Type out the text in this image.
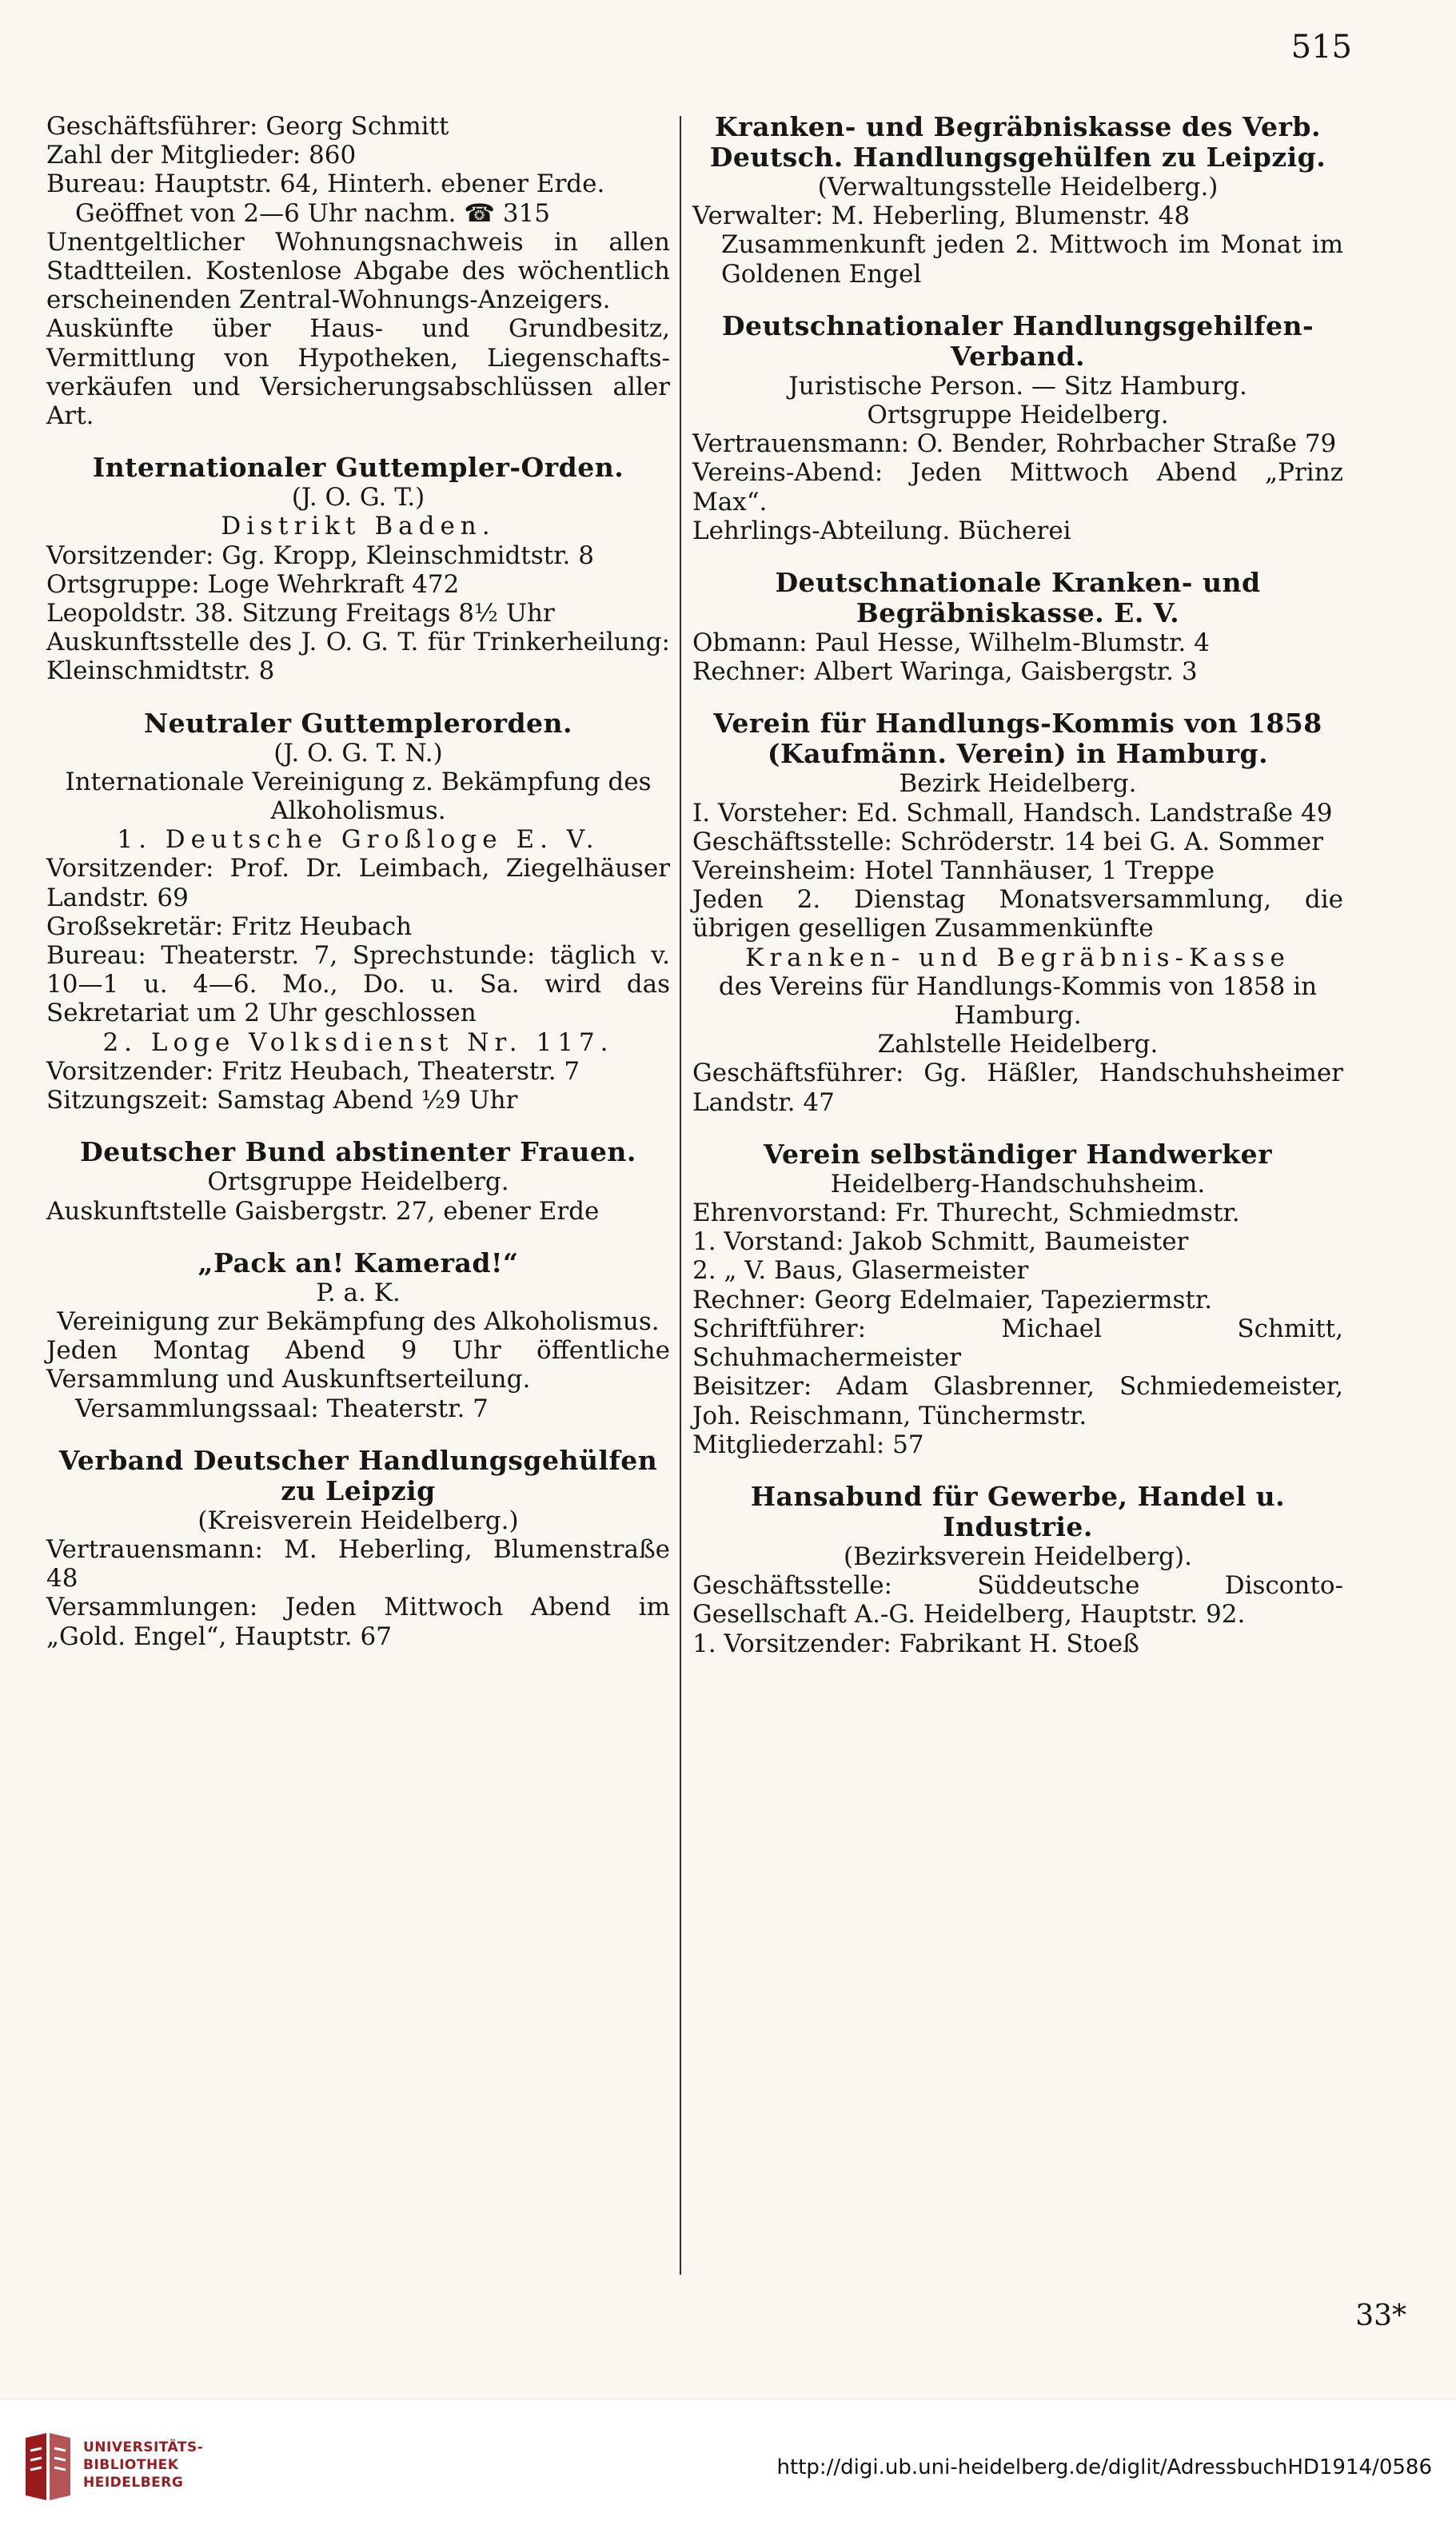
515

Geschäftsführer: Georg Schmitt

Zahl der Mitglieder: 860

Bureau: Hauptstr. 64, Hinterh. ebener Erde.

Geöffnet von 2—6 Uhr nachm. ☎ 315

Unentgeltlicher Wohnungsnachweis in allen Stadtteilen. Kostenlose Abgabe des wöchentlich erscheinenden Zentral-Wohnungs-Anzeigers.

Auskünfte über Haus- und Grundbesitz, Vermittlung von Hypotheken, Liegenschafts-verkäufen und Versicherungsabschlüssen aller Art.

Internationaler Guttempler-Orden.

(J. O. G. T.)

Distrikt Baden.

Vorsitzender: Gg. Kropp, Kleinschmidtstr. 8

Ortsgruppe: Loge Wehrkraft 472

Leopoldstr. 38. Sitzung Freitags 8½ Uhr

Auskunftsstelle des J. O. G. T. für Trinkerheilung: Kleinschmidtstr. 8

Neutraler Guttemplerorden.

(J. O. G. T. N.)

Internationale Vereinigung z. Bekämpfung des Alkoholismus.

1. Deutsche Großloge E. V.

Vorsitzender: Prof. Dr. Leimbach, Ziegelhäuser Landstr. 69

Großsekretär: Fritz Heubach

Bureau: Theaterstr. 7, Sprechstunde: täglich v. 10—1 u. 4—6. Mo., Do. u. Sa. wird das Sekretariat um 2 Uhr geschlossen

2. Loge Volksdienst Nr. 117.

Vorsitzender: Fritz Heubach, Theaterstr. 7

Sitzungszeit: Samstag Abend ½9 Uhr

Deutscher Bund abstinenter Frauen.

Ortsgruppe Heidelberg.

Auskunftstelle Gaisbergstr. 27, ebener Erde

„Pack an! Kamerad!“

P. a. K.

Vereinigung zur Bekämpfung des Alkoholismus.

Jeden Montag Abend 9 Uhr öffentliche Versammlung und Auskunftserteilung.

Versammlungssaal: Theaterstr. 7

Verband Deutscher Handlungsgehülfen zu Leipzig

(Kreisverein Heidelberg.)

Vertrauensmann: M. Heberling, Blumenstraße 48

Versammlungen: Jeden Mittwoch Abend im „Gold. Engel“, Hauptstr. 67

Kranken- und Begräbniskasse des Verb. Deutsch. Handlungsgehülfen zu Leipzig.

(Verwaltungsstelle Heidelberg.)

Verwalter: M. Heberling, Blumenstr. 48

Zusammenkunft jeden 2. Mittwoch im Monat im Goldenen Engel

Deutschnationaler Handlungsgehilfen-Verband.

Juristische Person. — Sitz Hamburg.

Ortsgruppe Heidelberg.

Vertrauensmann: O. Bender, Rohrbacher Straße 79

Vereins-Abend: Jeden Mittwoch Abend „Prinz Max“.

Lehrlings-Abteilung. Bücherei

Deutschnationale Kranken- und Begräbniskasse. E. V.

Obmann: Paul Hesse, Wilhelm-Blumstr. 4

Rechner: Albert Waringa, Gaisbergstr. 3

Verein für Handlungs-Kommis von 1858 (Kaufmänn. Verein) in Hamburg.

Bezirk Heidelberg.

I. Vorsteher: Ed. Schmall, Handsch. Landstraße 49

Geschäftsstelle: Schröderstr. 14 bei G. A. Sommer

Vereinsheim: Hotel Tannhäuser, 1 Treppe

Jeden 2. Dienstag Monatsversammlung, die übrigen geselligen Zusammenkünfte

Kranken- und Begräbnis-Kasse

des Vereins für Handlungs-Kommis von 1858 in Hamburg.

Zahlstelle Heidelberg.

Geschäftsführer: Gg. Häßler, Handschuhsheimer Landstr. 47

Verein selbständiger Handwerker

Heidelberg-Handschuhsheim.

Ehrenvorstand: Fr. Thurecht, Schmiedmstr.

1. Vorstand: Jakob Schmitt, Baumeister

2. „ V. Baus, Glasermeister

Rechner: Georg Edelmaier, Tapeziermstr.

Schriftführer: Michael Schmitt, Schuhmachermeister

Beisitzer: Adam Glasbrenner, Schmiedemeister, Joh. Reischmann, Tünchermstr.

Mitgliederzahl: 57

Hansabund für Gewerbe, Handel u. Industrie.

(Bezirksverein Heidelberg).

Geschäftsstelle: Süddeutsche Disconto-Gesellschaft A.-G. Heidelberg, Hauptstr. 92.

1. Vorsitzender: Fabrikant H. Stoeß

33*
UNIVERSITÄTS-
BIBLIOTHEK
HEIDELBERG
http://digi.ub.uni-heidelberg.de/diglit/AdressbuchHD1914/0586
